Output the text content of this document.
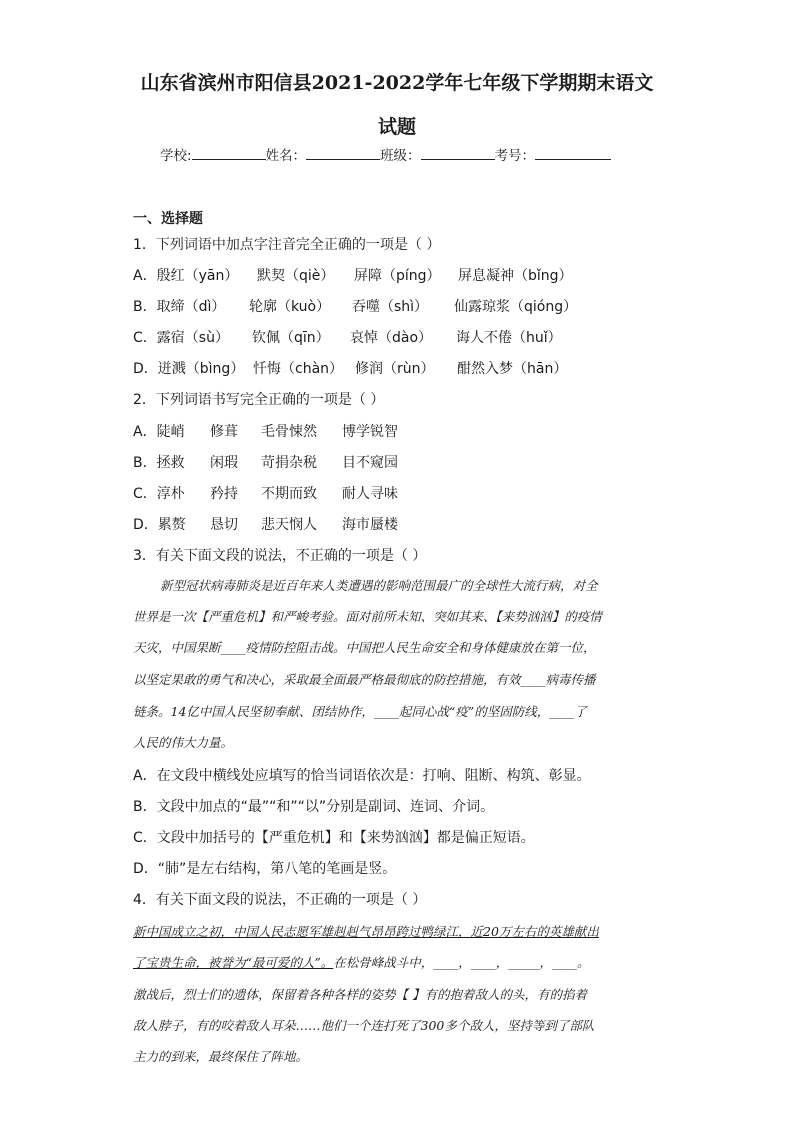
山东省滨州市阳信县2021-2022学年七年级下学期期末语文
试题
学校:	姓名：	班级：	考号：
一、选择题
1．下列词语中加点字注音完全正确的一项是（ ）
A．殷红（yān） 默契（qiè） 屏障（píng） 屏息凝神（bǐng）
B．取缔（dì） 轮廓（kuò） 吞噬（shì） 仙露琼浆（qióng）
C．露宿（sù） 钦佩（qīn） 哀悼（dào） 诲人不倦（huǐ）
D．迸溅（bìng） 忏悔（chàn） 修润（rùn） 酣然入梦（hān）
2．下列词语书写完全正确的一项是（ ）
A．陡峭 修葺 毛骨悚然 博学锐智
B．拯救 闲瑕 苛捐杂税 目不窥园
C．淳朴 矜持 不期而致 耐人寻味
D．累赘 恳切 悲天悯人 海市蜃楼
3．有关下面文段的说法，不正确的一项是（ ）
新型冠状病毒肺炎是近百年来人类遭遇的影响范围最广的全球性大流行病，对全
世界是一次【严重危机】和严峻考验。面对前所未知、突如其来、【来势汹汹】的疫情
天灾，中国果断____疫情防控阻击战。中国把人民生命安全和身体健康放在第一位，
以坚定果敢的勇气和决心，采取最全面最严格最彻底的防控措施，有效____病毒传播
链条。14亿中国人民坚韧奉献、团结协作，____起同心战“疫”的坚固防线，____了
人民的伟大力量。
A．在文段中横线处应填写的恰当词语依次是：打响、阻断、构筑、彰显。
B．文段中加点的“最”“和”“以”分别是副词、连词、介词。
C．文段中加括号的【严重危机】和【来势汹汹】都是偏正短语。
D．“肺”是左右结构，第八笔的笔画是竖。
4．有关下面文段的说法，不正确的一项是（ ）
新中国成立之初，中国人民志愿军雄赳赳气昂昂跨过鸭绿江，近20万左右的英雄献出
了宝贵生命，被誉为“最可爱的人”。在松骨峰战斗中，____，____，_____，____。
激战后，烈士们的遗体，保留着各种各样的姿势【 】有的抱着敌人的头，有的掐着
敌人脖子，有的咬着敌人耳朵……他们一个连打死了300多个敌人，坚持等到了部队
主力的到来，最终保住了阵地。
